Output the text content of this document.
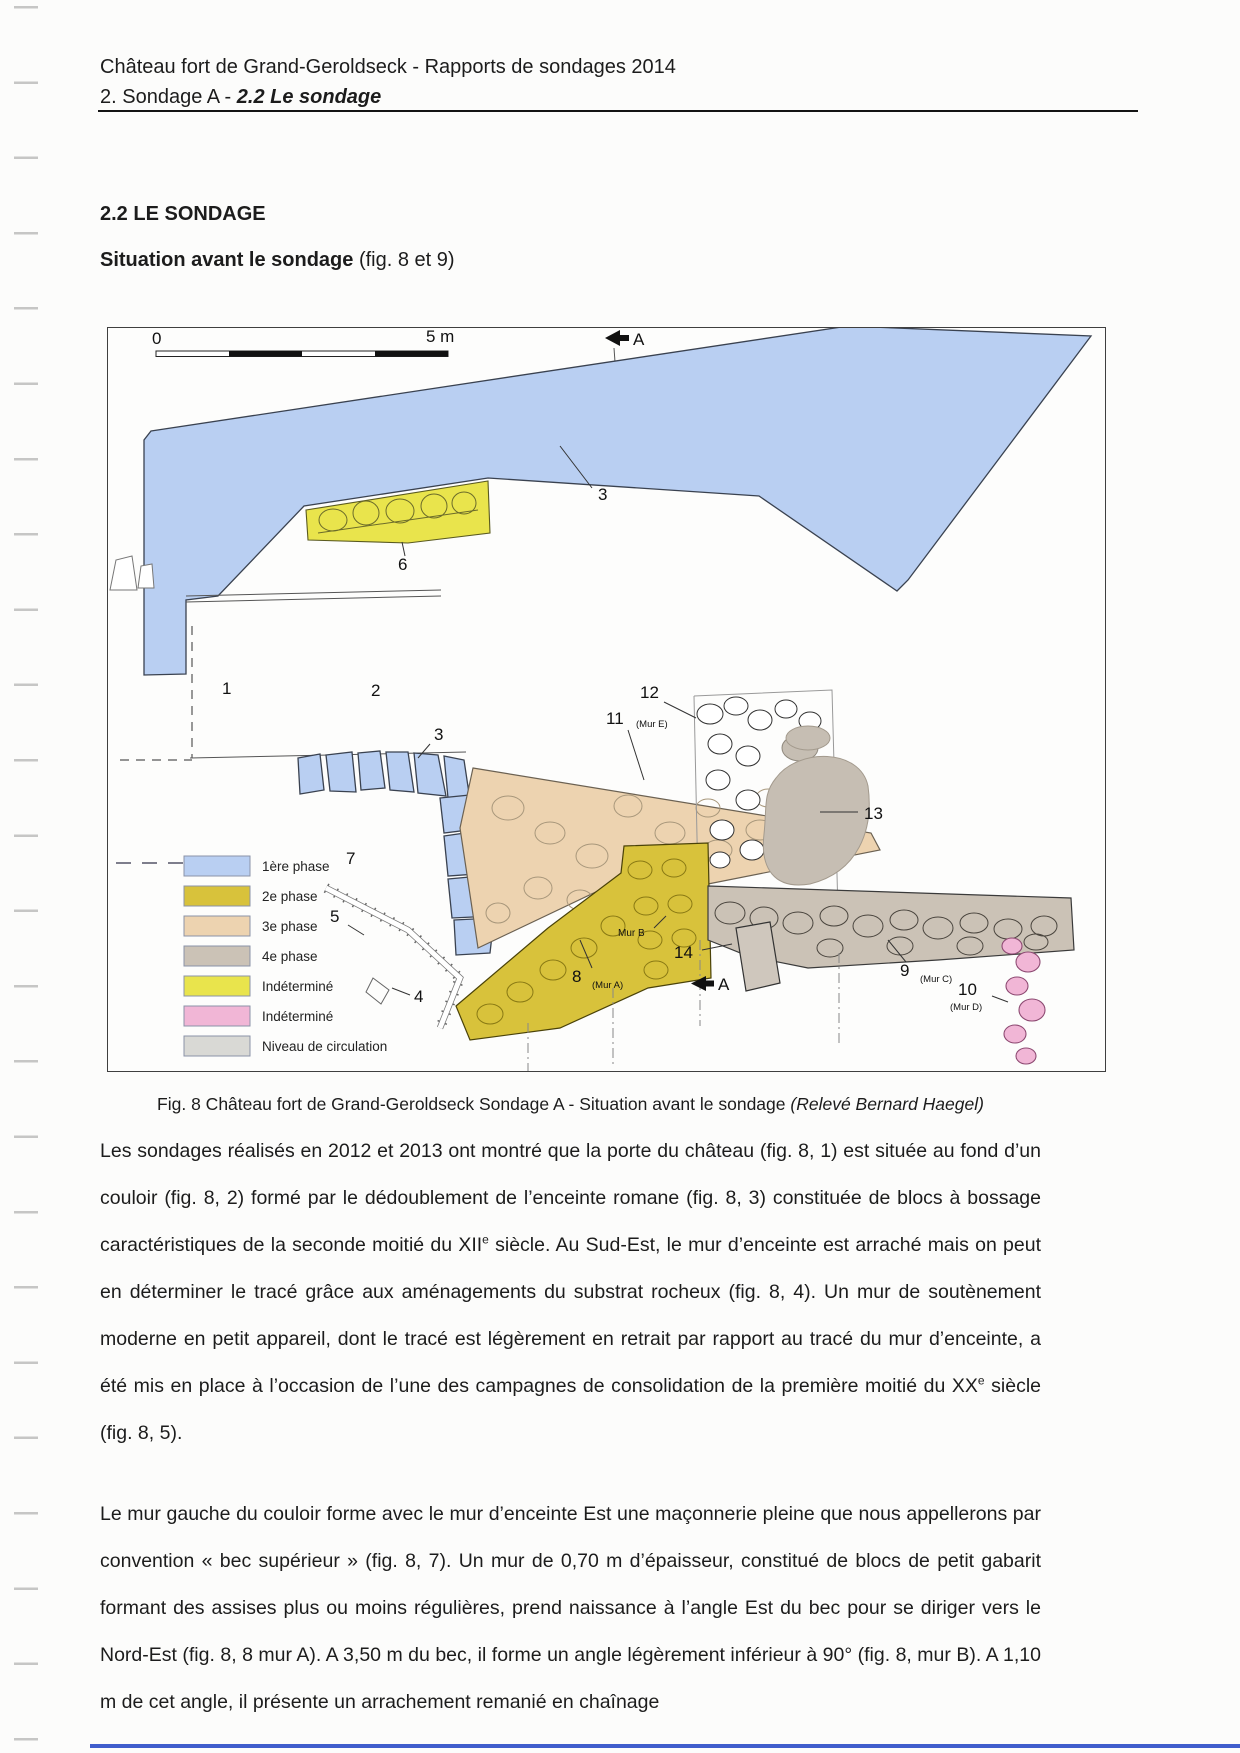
Château fort de Grand-Geroldseck - Rapports de sondages 2014
2. Sondage A - 2.2 Le sondage
2.2 LE SONDAGE
Situation avant le sondage (fig. 8 et 9)
0	5 m	A
3
6
1	2
3
7
11 (Mur E)
12
13
8 (Mur A)
Mur B
5
4
9 (Mur C)
14
10
(Mur D)
A
1ère phase
2e phase
3e phase
4e phase
Indéterminé
Indéterminé
Niveau de circulation
Fig. 8 Château fort de Grand-Geroldseck Sondage A - Situation avant le sondage (Relevé Bernard Haegel)

Les sondages réalisés en 2012 et 2013 ont montré que la porte du château (fig. 8, 1) est située au fond d’un couloir (fig. 8, 2) formé par le dédoublement de l’enceinte romane (fig. 8, 3) constituée de blocs à bossage caractéristiques de la seconde moitié du XIIe siècle. Au Sud-Est, le mur d’enceinte est arraché mais on peut en déterminer le tracé grâce aux aménagements du substrat rocheux (fig. 8, 4). Un mur de soutènement moderne en petit appareil, dont le tracé est légèrement en retrait par rapport au tracé du mur d’enceinte, a été mis en place à l’occasion de l’une des campagnes de consolidation de la première moitié du XXe siècle (fig. 8, 5).

Le mur gauche du couloir forme avec le mur d’enceinte Est une maçonnerie pleine que nous appellerons par convention « bec supérieur » (fig. 8, 7). Un mur de 0,70 m d’épaisseur, constitué de blocs de petit gabarit formant des assises plus ou moins régulières, prend naissance à l’angle Est du bec pour se diriger vers le Nord-Est (fig. 8, 8 mur A). A 3,50 m du bec, il forme un angle légèrement inférieur à 90° (fig. 8, mur B). A 1,10 m de cet angle, il présente un arrachement remanié en chaînage
